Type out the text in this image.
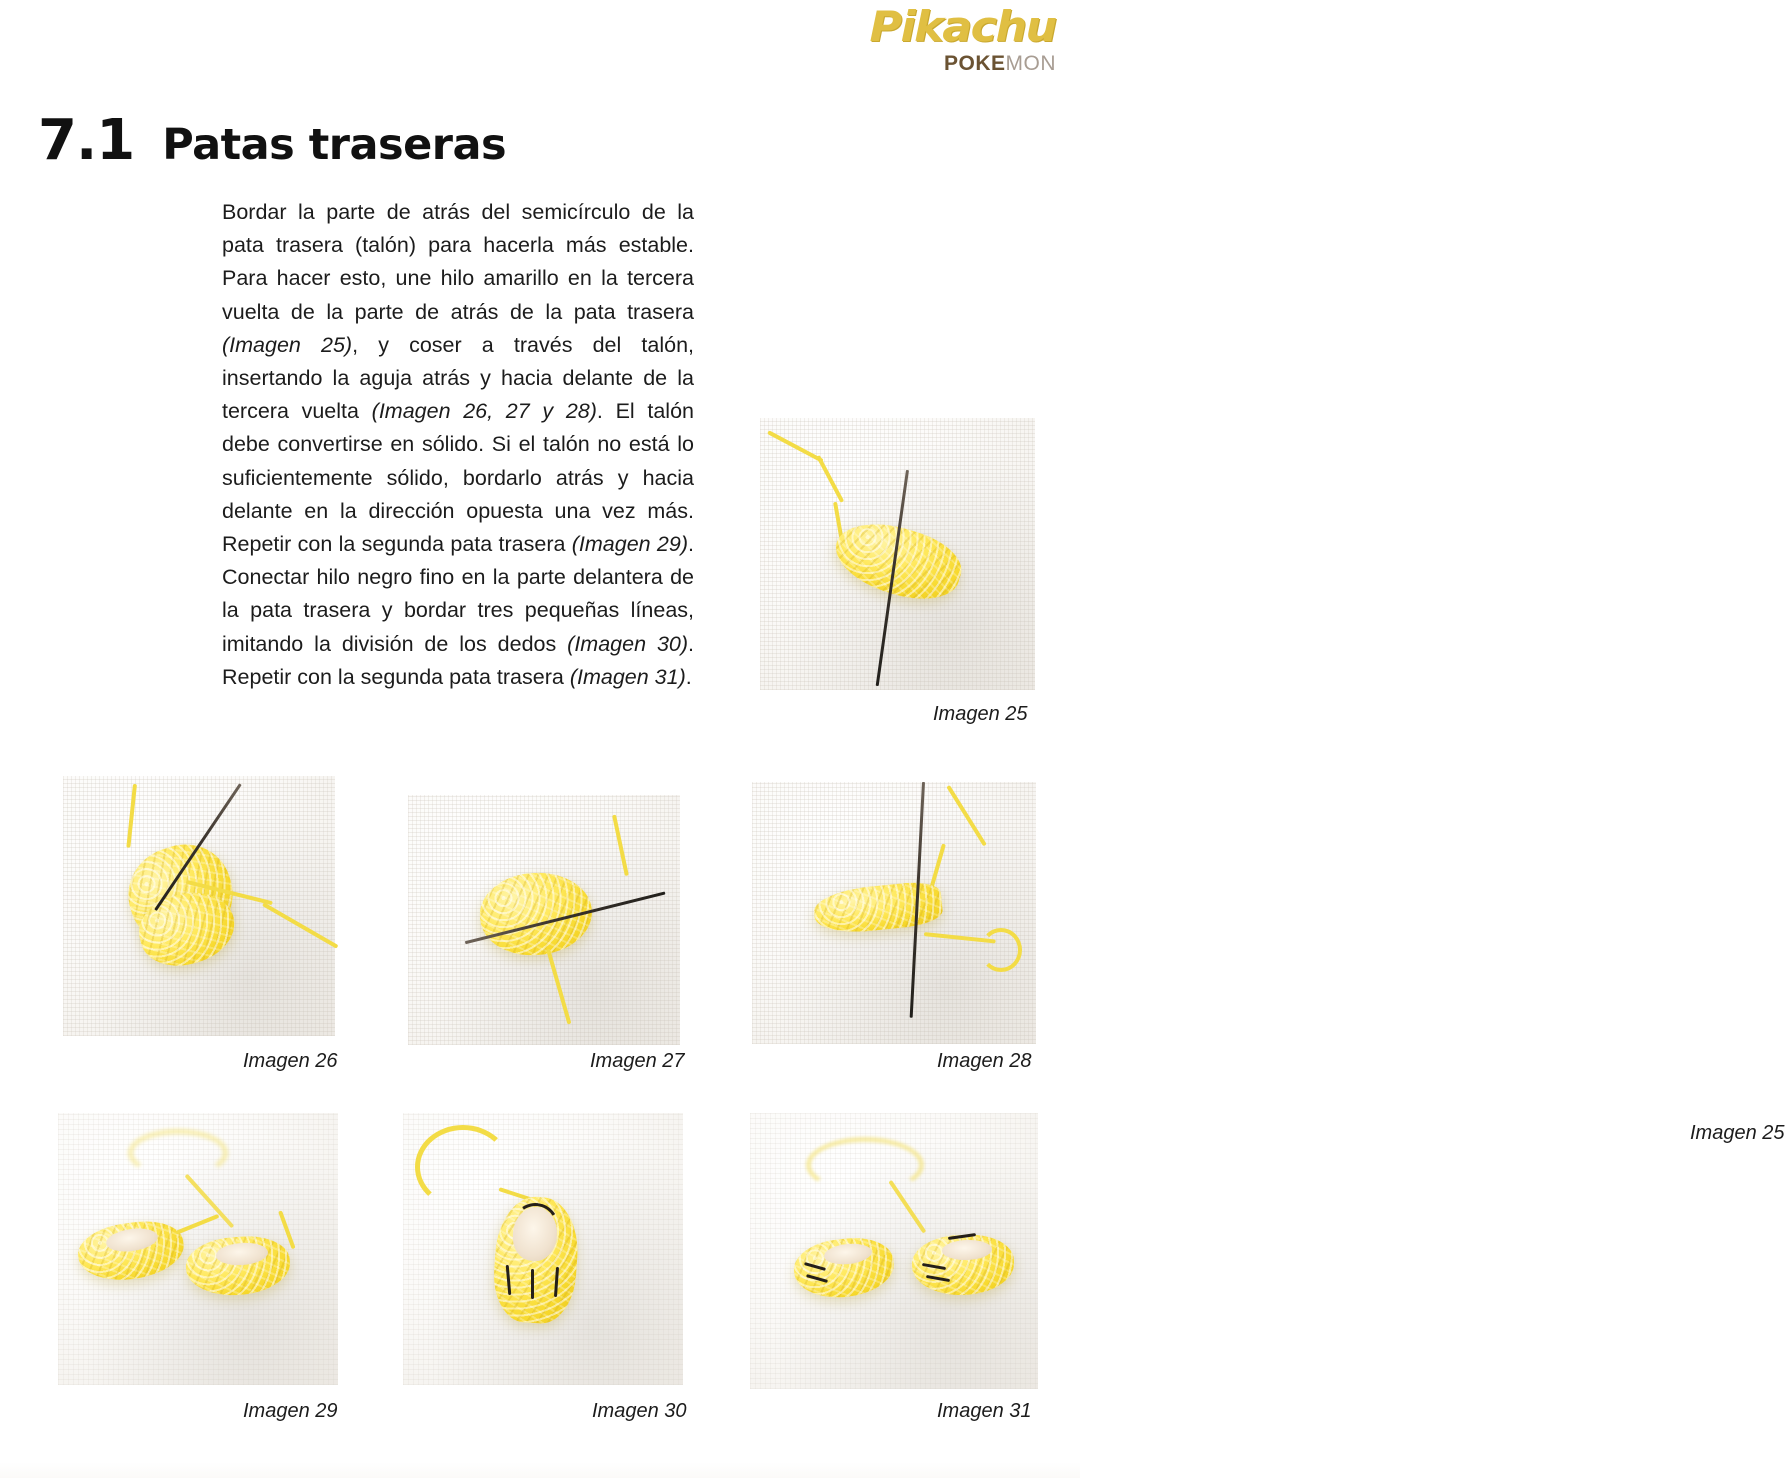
Pikachu
POKEMON
7.1 Patas traseras

Bordar la parte de atrás del semicírculo de la pata trasera (talón) para hacerla más estable. Para hacer esto, une hilo amarillo en la tercera vuelta de la parte de atrás de la pata trasera (Imagen 25), y coser a través del talón, insertando la aguja atrás y hacia delante de la tercera vuelta (Imagen 26, 27 y 28). El talón debe convertirse en sólido. Si el talón no está lo suficientemente sólido, bordarlo atrás y hacia delante en la dirección opuesta una vez más. Repetir con la segunda pata trasera (Imagen 29). Conectar hilo negro fino en la parte delantera de la pata trasera y bordar tres pequeñas líneas, imitando la división de los dedos (Imagen 30). Repetir con la segunda pata trasera (Imagen 31).

Imagen 25
Imagen 25
Imagen 26	Imagen 27	Imagen 28
Imagen 29	Imagen 30	Imagen 31
